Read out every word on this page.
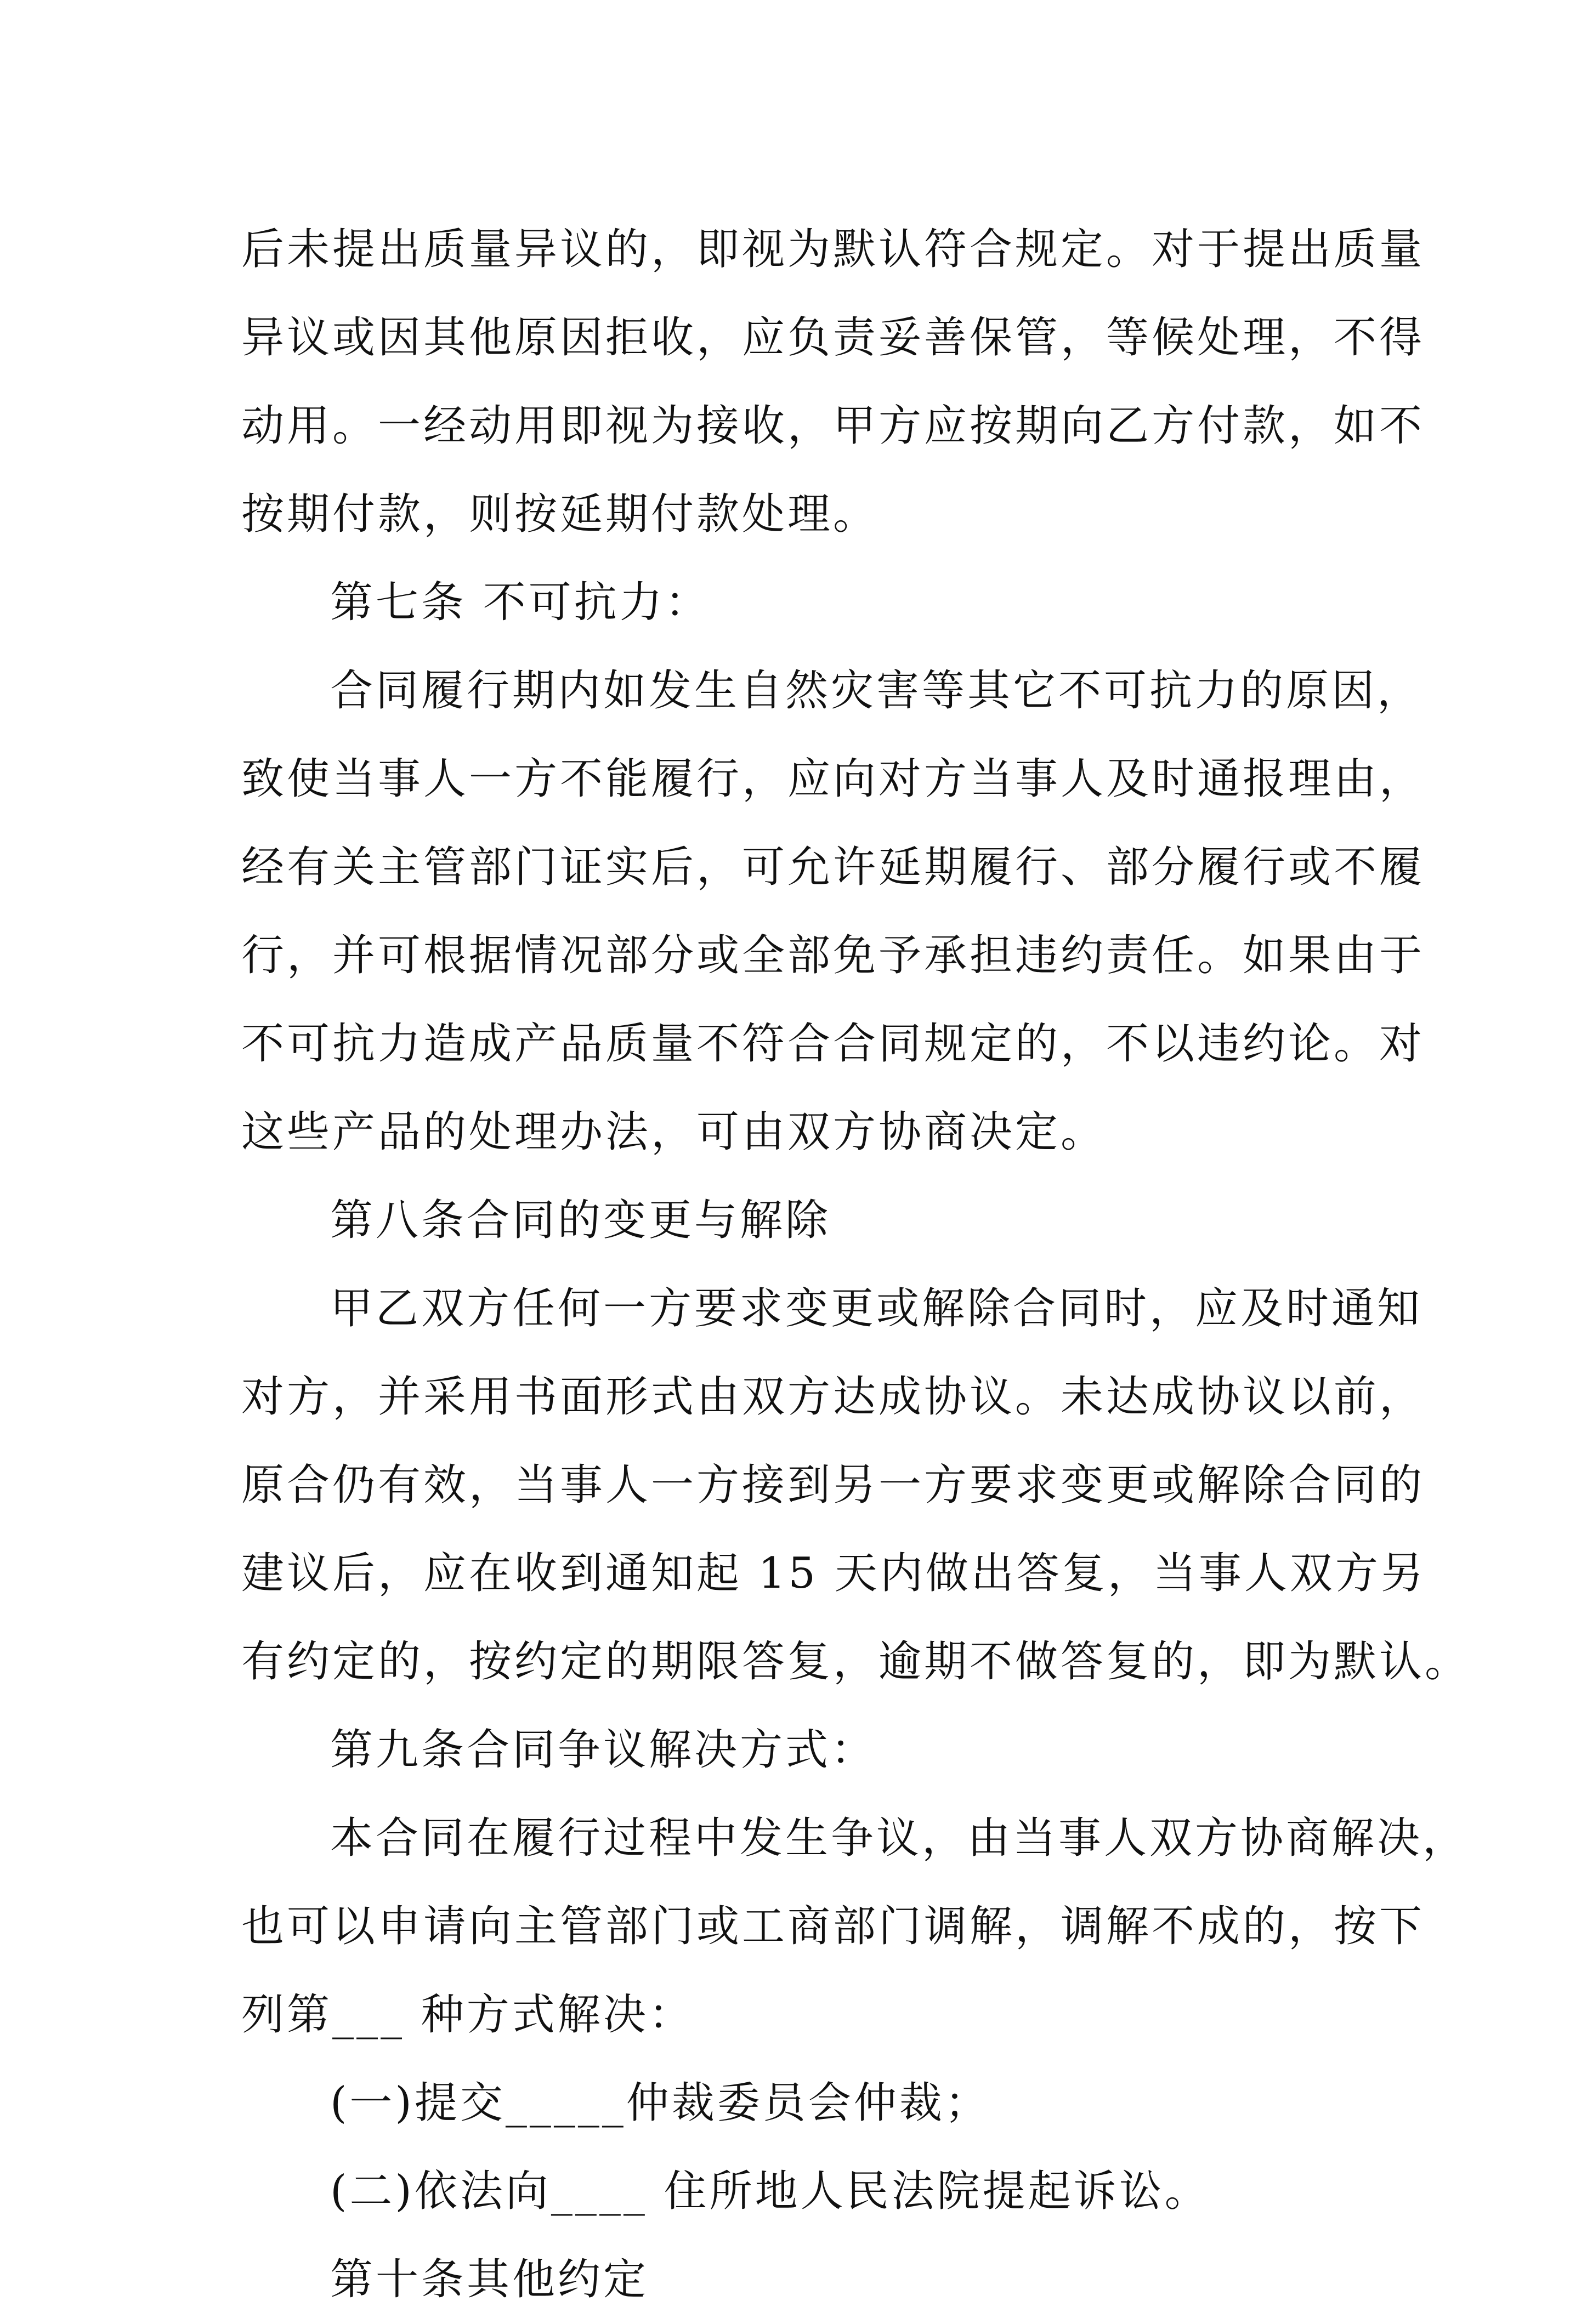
后未提出质量异议的，即视为默认符合规定。对于提出质量
异议或因其他原因拒收，应负责妥善保管，等候处理，不得
动用。一经动用即视为接收，甲方应按期向乙方付款，如不
按期付款，则按延期付款处理。
第七条 不可抗力：
合同履行期内如发生自然灾害等其它不可抗力的原因，
致使当事人一方不能履行，应向对方当事人及时通报理由，
经有关主管部门证实后，可允许延期履行、部分履行或不履
行，并可根据情况部分或全部免予承担违约责任。如果由于
不可抗力造成产品质量不符合合同规定的，不以违约论。对
这些产品的处理办法，可由双方协商决定。
第八条合同的变更与解除
甲乙双方任何一方要求变更或解除合同时，应及时通知
对方，并采用书面形式由双方达成协议。未达成协议以前，
原合仍有效，当事人一方接到另一方要求变更或解除合同的
建议后，应在收到通知起 15 天内做出答复，当事人双方另
有约定的，按约定的期限答复，逾期不做答复的，即为默认。
第九条合同争议解决方式：
本合同在履行过程中发生争议，由当事人双方协商解决，
也可以申请向主管部门或工商部门调解，调解不成的，按下
列第___ 种方式解决：
(一)提交_____仲裁委员会仲裁；
(二)依法向____ 住所地人民法院提起诉讼。
第十条其他约定
